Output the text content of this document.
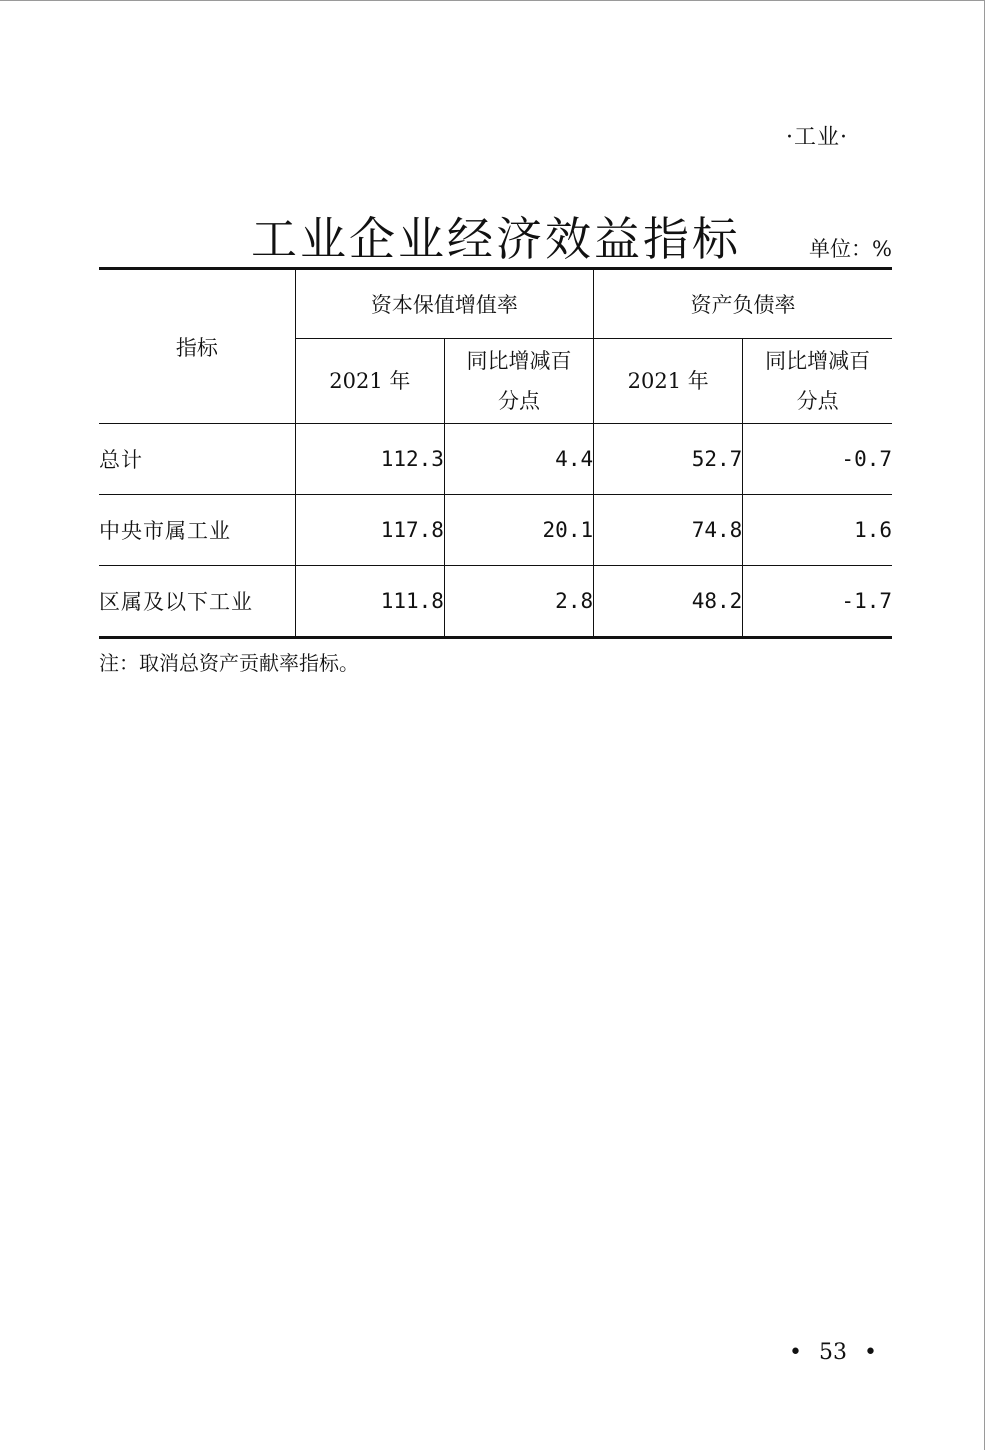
·工业·
工业企业经济效益指标	单位：%
指标	资本保值增值率		资产负债率	
	2021 年	同比增减百分点	2021 年	同比增减百分点
总计	112.3	4.4	52.7	-0.7
中央市属工业	117.8	20.1	74.8	1.6
区属及以下工业	111.8	2.8	48.2	-1.7
注：取消总资产贡献率指标。
• 53 •
